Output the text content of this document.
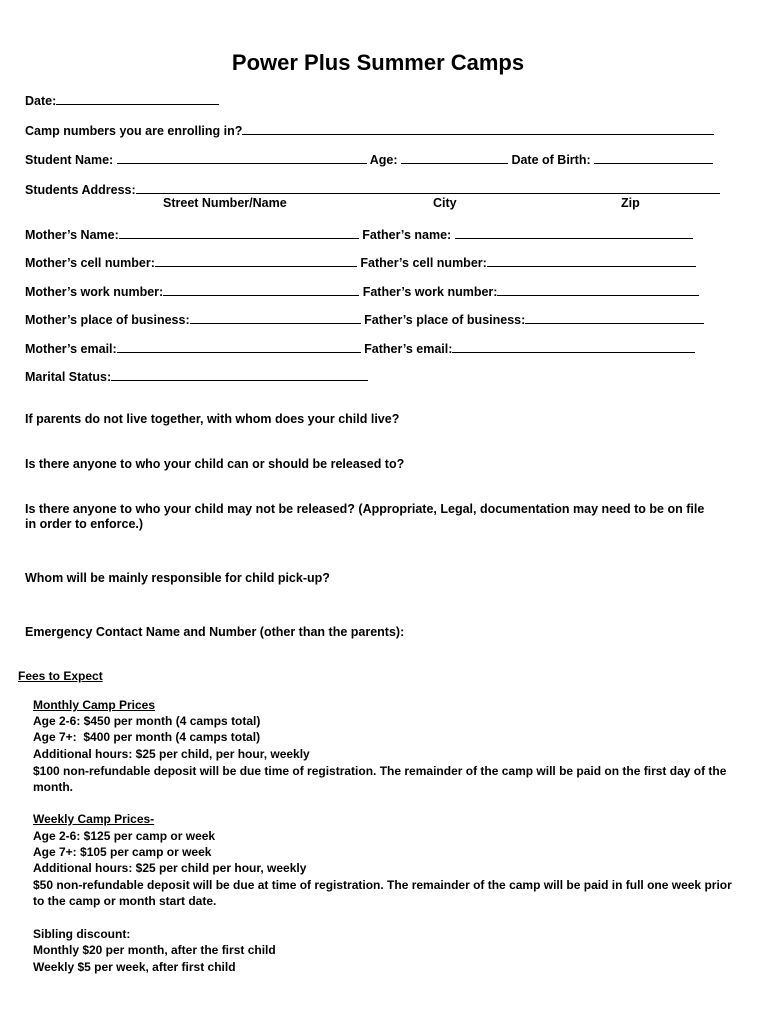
Power Plus Summer Camps
Date:
Camp numbers you are enrolling in?
Student Name:	Age:	Date of Birth:
Students Address:
Street Number/Name	City	Zip
Mother’s Name:	Father’s name:
Mother’s cell number:	Father’s cell number:
Mother’s work number:	Father’s work number:
Mother’s place of business:	Father’s place of business:
Mother’s email:	Father’s email:
Marital Status:
If parents do not live together, with whom does your child live?
Is there anyone to who your child can or should be released to?
Is there anyone to who your child may not be released? (Appropriate, Legal, documentation may need to be on file
in order to enforce.)
Whom will be mainly responsible for child pick-up?
Emergency Contact Name and Number (other than the parents):
Fees to Expect
Monthly Camp Prices
Age 2-6: $450 per month (4 camps total)
Age 7+:  $400 per month (4 camps total)
Additional hours: $25 per child, per hour, weekly
$100 non-refundable deposit will be due time of registration. The remainder of the camp will be paid on the first day of the
month.
Weekly Camp Prices-
Age 2-6: $125 per camp or week
Age 7+: $105 per camp or week
Additional hours: $25 per child per hour, weekly
$50 non-refundable deposit will be due at time of registration. The remainder of the camp will be paid in full one week prior
to the camp or month start date.
Sibling discount:
Monthly $20 per month, after the first child
Weekly $5 per week, after first child
